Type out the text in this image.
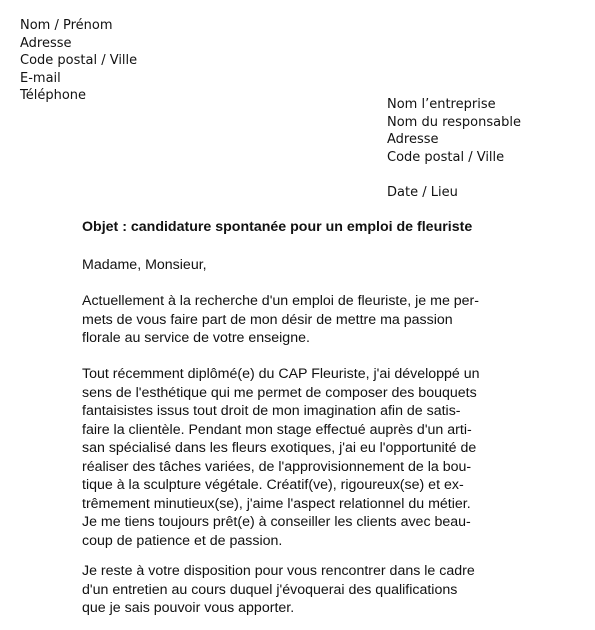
Nom / Prénom
Adresse
Code postal / Ville
E-mail
Téléphone
Nom l’entreprise
Nom du responsable
Adresse
Code postal / Ville
Date / Lieu
Objet : candidature spontanée pour un emploi de fleuriste
Madame, Monsieur,
Actuellement à la recherche d'un emploi de fleuriste, je me per-
mets de vous faire part de mon désir de mettre ma passion
florale au service de votre enseigne.
Tout récemment diplômé(e) du CAP Fleuriste, j'ai développé un
sens de l'esthétique qui me permet de composer des bouquets
fantaisistes issus tout droit de mon imagination afin de satis-
faire la clientèle. Pendant mon stage effectué auprès d'un arti-
san spécialisé dans les fleurs exotiques, j'ai eu l'opportunité de
réaliser des tâches variées, de l'approvisionnement de la bou-
tique à la sculpture végétale. Créatif(ve), rigoureux(se) et ex-
trêmement minutieux(se), j'aime l'aspect relationnel du métier.
Je me tiens toujours prêt(e) à conseiller les clients avec beau-
coup de patience et de passion.
Je reste à votre disposition pour vous rencontrer dans le cadre
d'un entretien au cours duquel j'évoquerai des qualifications
que je sais pouvoir vous apporter.
